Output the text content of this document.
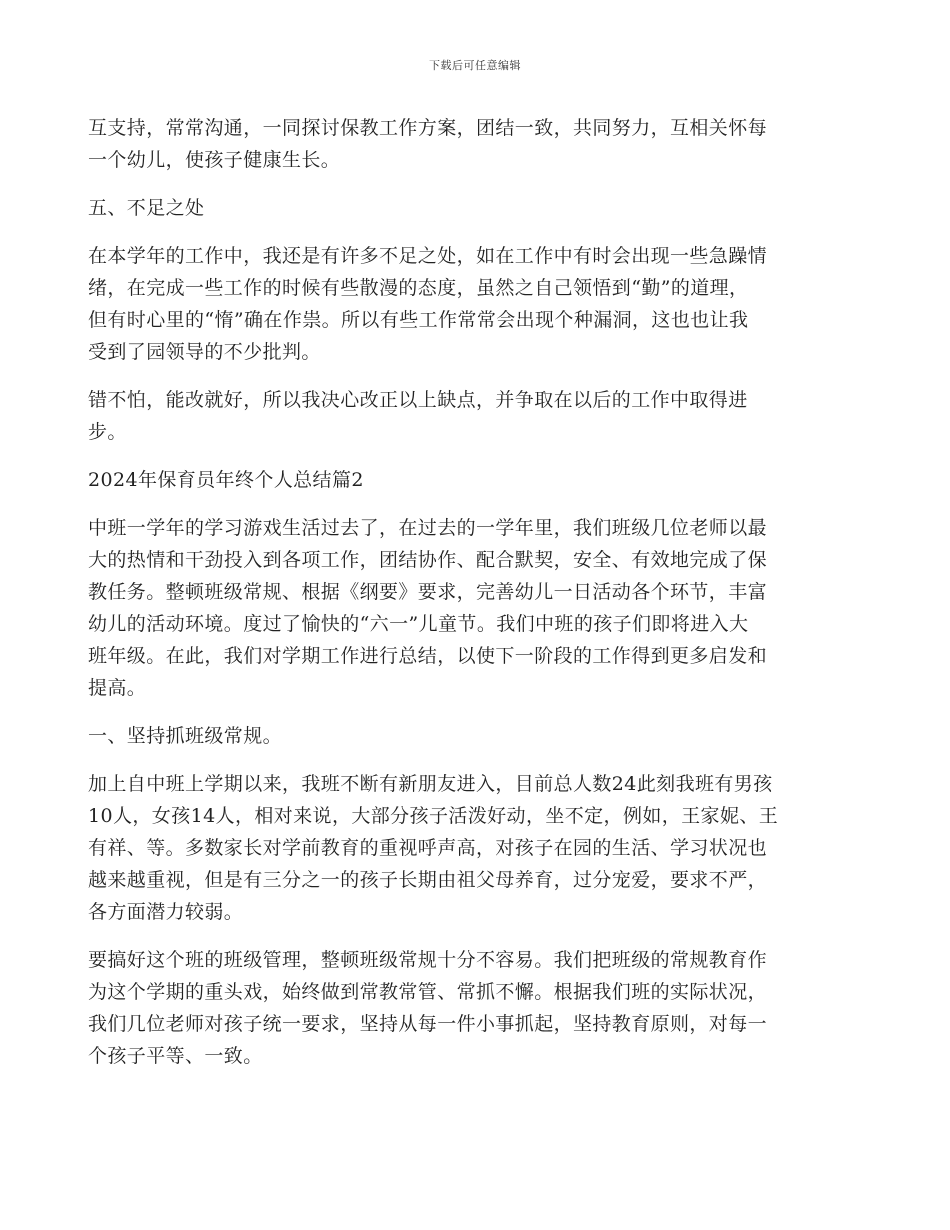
下载后可任意编辑
互支持，常常沟通，一同探讨保教工作方案，团结一致，共同努力，互相关怀每
一个幼儿，使孩子健康生长。
五、不足之处
在本学年的工作中，我还是有许多不足之处，如在工作中有时会出现一些急躁情
绪，在完成一些工作的时候有些散漫的态度，虽然之自己领悟到“勤”的道理，
但有时心里的“惰”确在作祟。所以有些工作常常会出现个种漏洞，这也也让我
受到了园领导的不少批判。
错不怕，能改就好，所以我决心改正以上缺点，并争取在以后的工作中取得进
步。
2024年保育员年终个人总结篇2
中班一学年的学习游戏生活过去了，在过去的一学年里，我们班级几位老师以最
大的热情和干劲投入到各项工作，团结协作、配合默契，安全、有效地完成了保
教任务。整顿班级常规、根据《纲要》要求，完善幼儿一日活动各个环节，丰富
幼儿的活动环境。度过了愉快的“六一”儿童节。我们中班的孩子们即将进入大
班年级。在此，我们对学期工作进行总结，以使下一阶段的工作得到更多启发和
提高。
一、坚持抓班级常规。
加上自中班上学期以来，我班不断有新朋友进入，目前总人数24此刻我班有男孩
10人，女孩14人，相对来说，大部分孩子活泼好动，坐不定，例如，王家妮、王
有祥、等。多数家长对学前教育的重视呼声高，对孩子在园的生活、学习状况也
越来越重视，但是有三分之一的孩子长期由祖父母养育，过分宠爱，要求不严，
各方面潜力较弱。
要搞好这个班的班级管理，整顿班级常规十分不容易。我们把班级的常规教育作
为这个学期的重头戏，始终做到常教常管、常抓不懈。根据我们班的实际状况，
我们几位老师对孩子统一要求，坚持从每一件小事抓起，坚持教育原则，对每一
个孩子平等、一致。
